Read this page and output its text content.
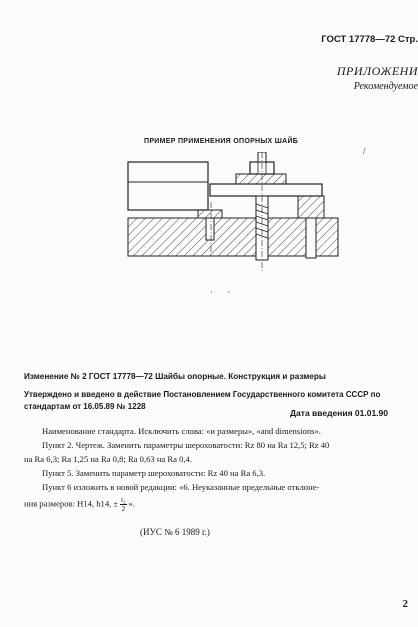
ГОСТ 17778—72 Стр.
ПРИЛОЖЕНИ
Рекомендуемое
ПРИМЕР ПРИМЕНЕНИЯ ОПОРНЫХ ШАЙБ
/
˙ ˋ
Изменение № 2 ГОСТ 17778—72 Шайбы опорные. Конструкция и размеры
Утверждено и введено в действие Постановлением Государственного комитета СССР по стандартам от 16.05.89 № 1228
Дата введения 01.01.90
Наименование стандарта. Исключить слова: «и размеры», «and dimensions».
Пункт 2. Чертеж. Заменить параметры шероховатости: Rz 80 на Ra 12,5; Rz 40
на Ra 6,3; Ra 1,25 на Ra 0,8; Ra 0,63 на Ra 0,4.
Пункт 5. Заменить параметр шероховатости: Rz 40 на Ra 6,3.
Пункт 6 изложить в новой редакции: «6. Неуказанные предельные отклоне-
ния размеров: H14, h14, ± $\frac{\text{t₂}}{2}$ ».
(ИУС № 6 1989 г.)
2
